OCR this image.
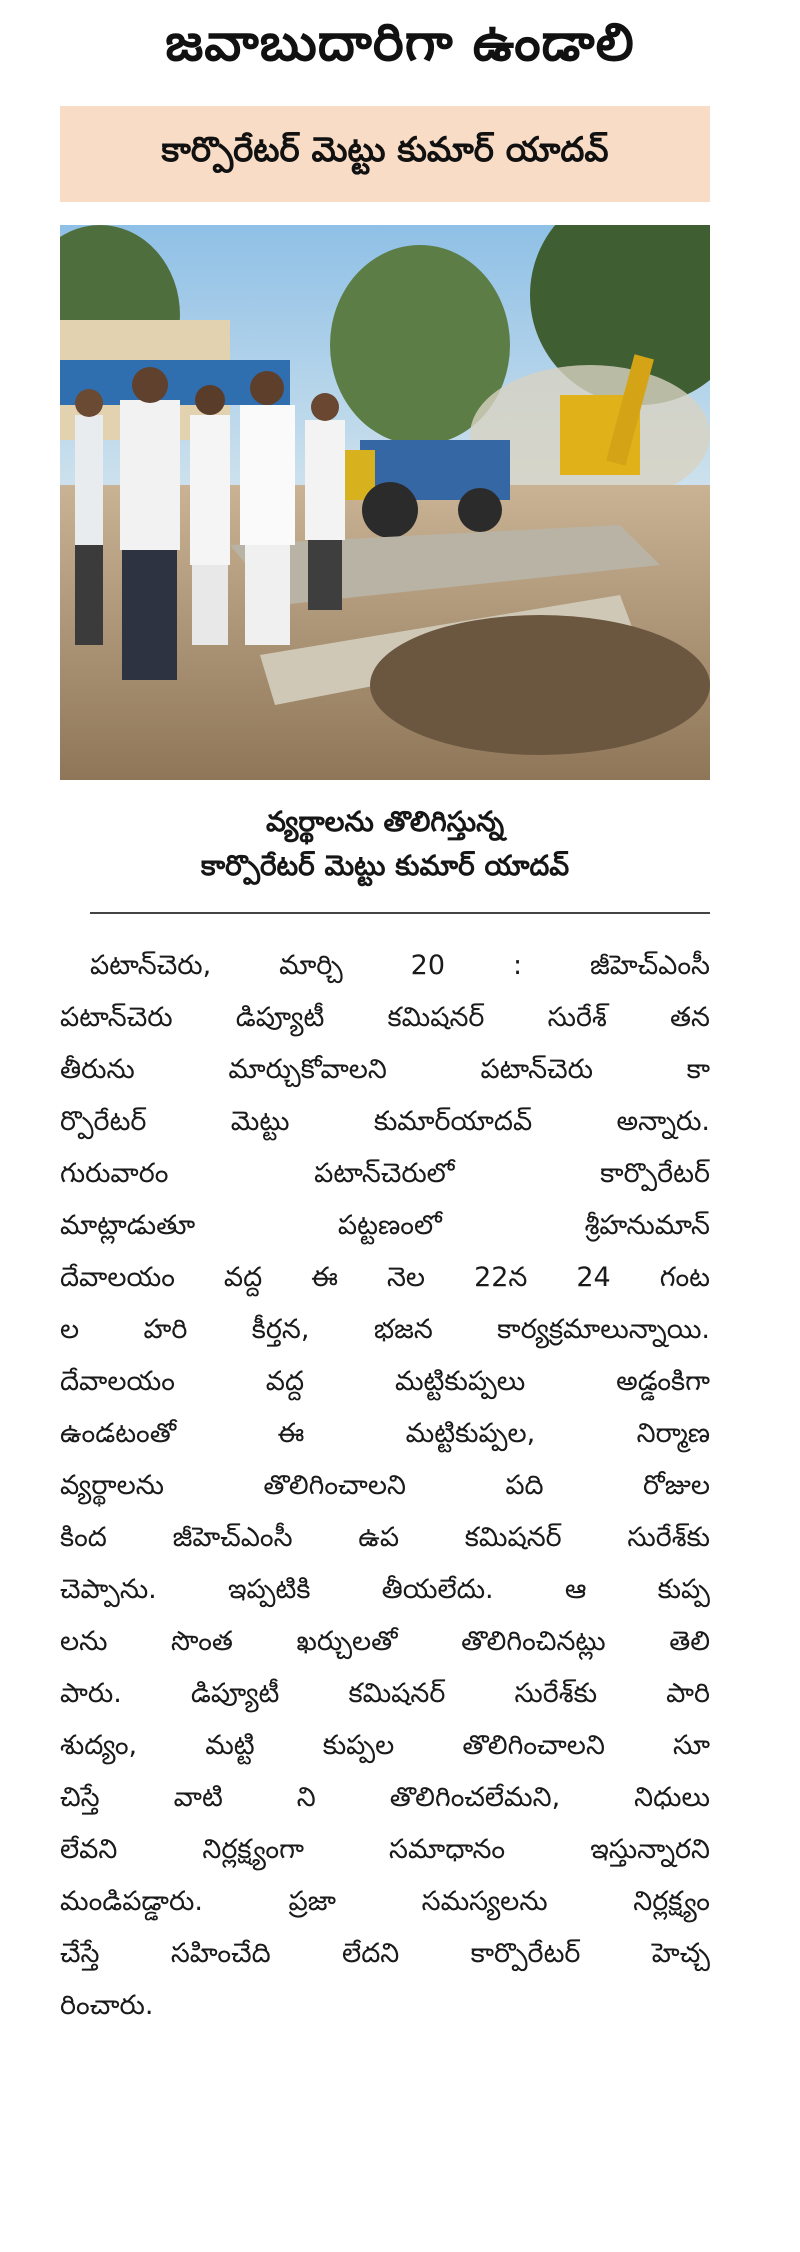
జవాబుదారిగా ఉండాలి
కార్పొరేటర్ మెట్టు కుమార్ యాదవ్
వ్యర్థాలను తొలిగిస్తున్న
కార్పొరేటర్ మెట్టు కుమార్ యాదవ్
పటాన్‌చెరు, మార్చి 20 : జీహెచ్ఎంసీ
పటాన్‌చెరు డిప్యూటీ కమిషనర్ సురేశ్ తన
తీరును మార్చుకోవాలని పటాన్‌చెరు కా
ర్పొరేటర్ మెట్టు కుమార్‌యాదవ్ అన్నారు.
గురువారం పటాన్‌చెరులో కార్పొరేటర్
మాట్లాడుతూ పట్టణంలో శ్రీహనుమాన్
దేవాలయం వద్ద ఈ నెల 22న 24 గంట
ల హరి కీర్తన, భజన కార్యక్రమాలున్నాయి.
దేవాలయం వద్ద మట్టికుప్పలు అడ్డంకిగా
ఉండటంతో ఈ మట్టికుప్పల, నిర్మాణ
వ్యర్థాలను తొలిగించాలని పది రోజుల
కింద జీహెచ్ఎంసీ ఉప కమిషనర్ సురేశ్‌కు
చెప్పాను. ఇప్పటికి తీయలేదు. ఆ కుప్ప
లను సొంత ఖర్చులతో తొలిగించినట్లు తెలి
పారు. డిప్యూటీ కమిషనర్ సురేశ్‌కు పారి
శుద్యం, మట్టి కుప్పల తొలిగించాలని సూ
చిస్తే వాటి ని తొలిగించలేమని, నిధులు
లేవని నిర్లక్ష్యంగా సమాధానం ఇస్తున్నారని
మండిపడ్డారు. ప్రజా సమస్యలను నిర్లక్ష్యం
చేస్తే సహించేది లేదని కార్పొరేటర్ హెచ్చ
రించారు.
